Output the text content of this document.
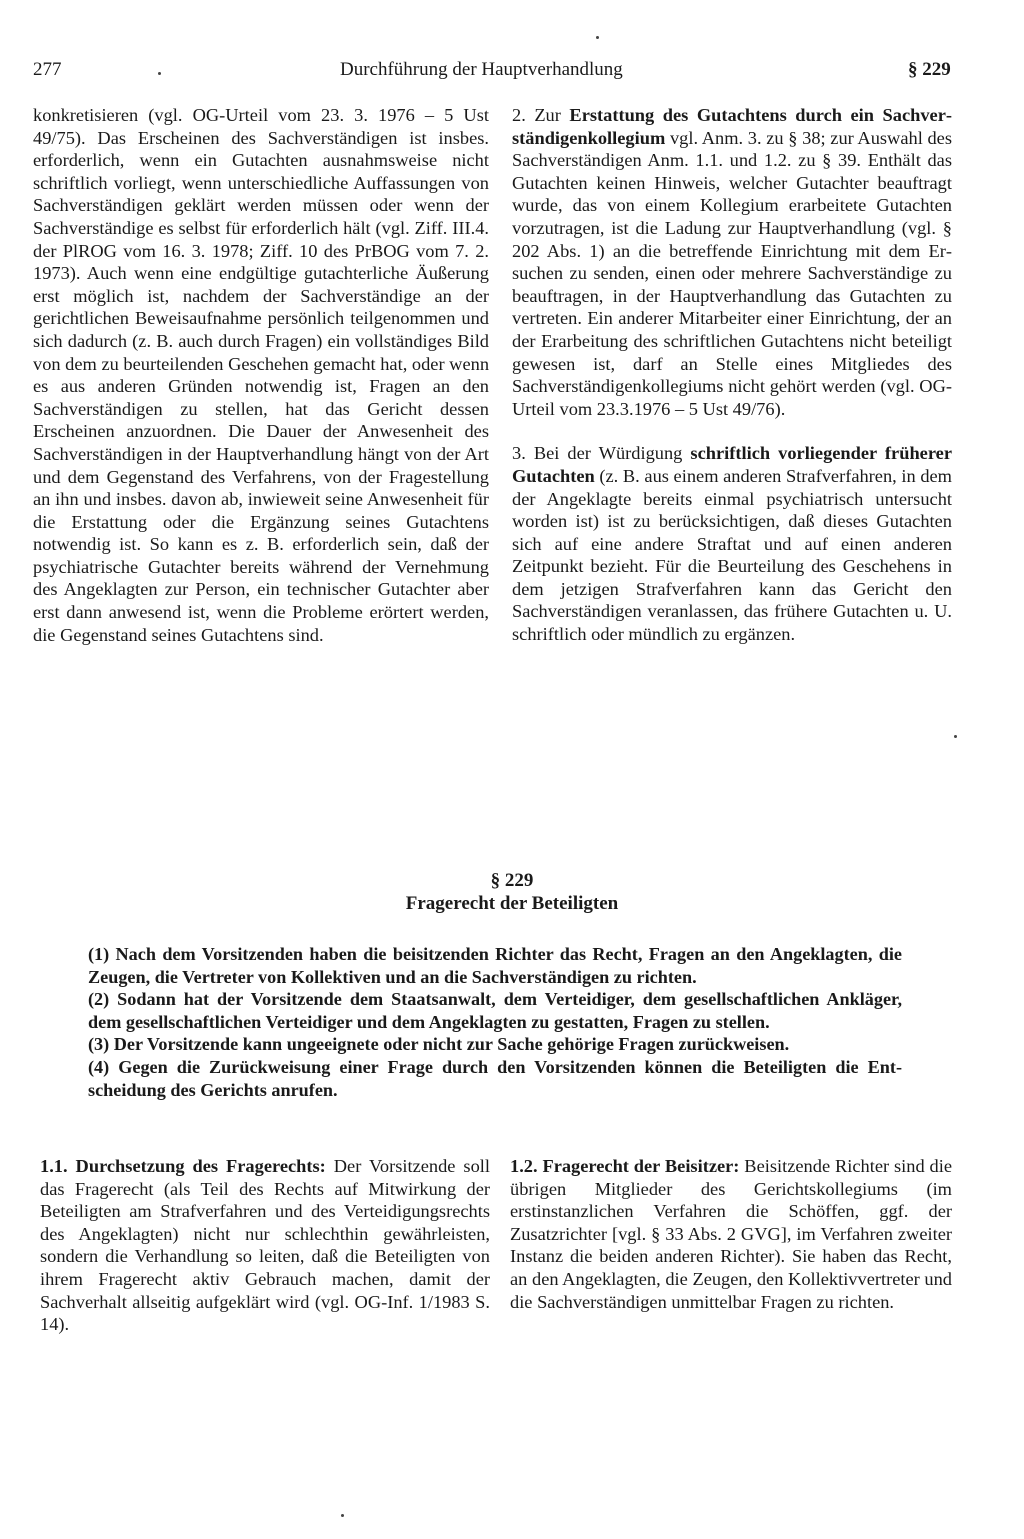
277	Durchführung der Hauptverhandlung	§ 229

konkretisieren (vgl. OG-Urteil vom 23. 3. 1976 – 5 Ust 49/75). Das Erscheinen des Sachverständigen ist insbes. erforderlich, wenn ein Gutachten ausnahmsweise nicht schriftlich vorliegt, wenn unterschiedliche Auffassungen von Sachverständigen geklärt werden müssen oder wenn der Sachverständige es selbst für erforderlich hält (vgl. Ziff. III.4. der PlROG vom 16. 3. 1978; Ziff. 10 des PrBOG vom 7. 2. 1973). Auch wenn eine endgültige gutachterliche Äußerung erst möglich ist, nachdem der Sachverständige an der gerichtlichen Beweisaufnahme persönlich teilgenommen und sich dadurch (z. B. auch durch Fragen) ein vollständiges Bild von dem zu beurteilenden Geschehen gemacht hat, oder wenn es aus anderen Gründen notwendig ist, Fragen an den Sachverständigen zu stellen, hat das Gericht dessen Erscheinen anzuordnen. Die Dauer der Anwesenheit des Sachverständigen in der Hauptverhandlung hängt von der Art und dem Gegenstand des Verfahrens, von der Fragestellung an ihn und insbes. davon ab, inwieweit seine Anwesenheit für die Erstattung oder die Ergänzung seines Gutachtens notwendig ist. So kann es z. B. erforderlich sein, daß der psychiatrische Gutachter bereits während der Vernehmung des Angeklagten zur Person, ein technischer Gutachter aber erst dann anwesend ist, wenn die Probleme erörtert werden, die Gegenstand seines Gutachtens sind.

2. Zur Erstattung des Gutachtens durch ein Sachverständigenkollegium vgl. Anm. 3. zu § 38; zur Auswahl des Sachverständigen Anm. 1.1. und 1.2. zu § 39. Enthält das Gutachten keinen Hinweis, welcher Gutachter beauftragt wurde, das von einem Kollegium erarbeitete Gutachten vorzutragen, ist die Ladung zur Hauptverhandlung (vgl. § 202 Abs. 1) an die betreffende Einrichtung mit dem Ersuchen zu senden, einen oder mehrere Sachverständige zu beauftragen, in der Hauptverhandlung das Gutachten zu vertreten. Ein anderer Mitarbeiter einer Einrichtung, der an der Erarbeitung des schriftlichen Gutachtens nicht beteiligt gewesen ist, darf an Stelle eines Mitgliedes des Sachverständigenkollegiums nicht gehört werden (vgl. OG-Urteil vom 23.3.1976 – 5 Ust 49/76).

3. Bei der Würdigung schriftlich vorliegender früherer Gutachten (z. B. aus einem anderen Strafverfahren, in dem der Angeklagte bereits einmal psychiatrisch untersucht worden ist) ist zu berücksichtigen, daß dieses Gutachten sich auf eine andere Straftat und auf einen anderen Zeitpunkt bezieht. Für die Beurteilung des Geschehens in dem jetzigen Strafverfahren kann das Gericht den Sachverständigen veranlassen, das frühere Gutachten u. U. schriftlich oder mündlich zu ergänzen.

§ 229
Fragerecht der Beteiligten

(1) Nach dem Vorsitzenden haben die beisitzenden Richter das Recht, Fragen an den Angeklagten, die Zeugen, die Vertreter von Kollektiven und an die Sachverständigen zu richten.

(2) Sodann hat der Vorsitzende dem Staatsanwalt, dem Verteidiger, dem gesellschaftlichen Ankläger, dem gesellschaftlichen Verteidiger und dem Angeklagten zu gestatten, Fragen zu stellen.

(3) Der Vorsitzende kann ungeeignete oder nicht zur Sache gehörige Fragen zurückweisen.

(4) Gegen die Zurückweisung einer Frage durch den Vorsitzenden können die Beteiligten die Entscheidung des Gerichts anrufen.

1.1. Durchsetzung des Fragerechts: Der Vorsitzende soll das Fragerecht (als Teil des Rechts auf Mitwirkung der Beteiligten am Strafverfahren und des Verteidigungsrechts des Angeklagten) nicht nur schlechthin gewährleisten, sondern die Verhandlung so leiten, daß die Beteiligten von ihrem Fragerecht aktiv Gebrauch machen, damit der Sachverhalt allseitig aufgeklärt wird (vgl. OG-Inf. 1/1983 S. 14).

1.2. Fragerecht der Beisitzer: Beisitzende Richter sind die übrigen Mitglieder des Gerichtskollegiums (im erstinstanzlichen Verfahren die Schöffen, ggf. der Zusatzrichter [vgl. § 33 Abs. 2 GVG], im Verfahren zweiter Instanz die beiden anderen Richter). Sie haben das Recht, an den Angeklagten, die Zeugen, den Kollektivvertreter und die Sachverständigen unmittelbar Fragen zu richten.
